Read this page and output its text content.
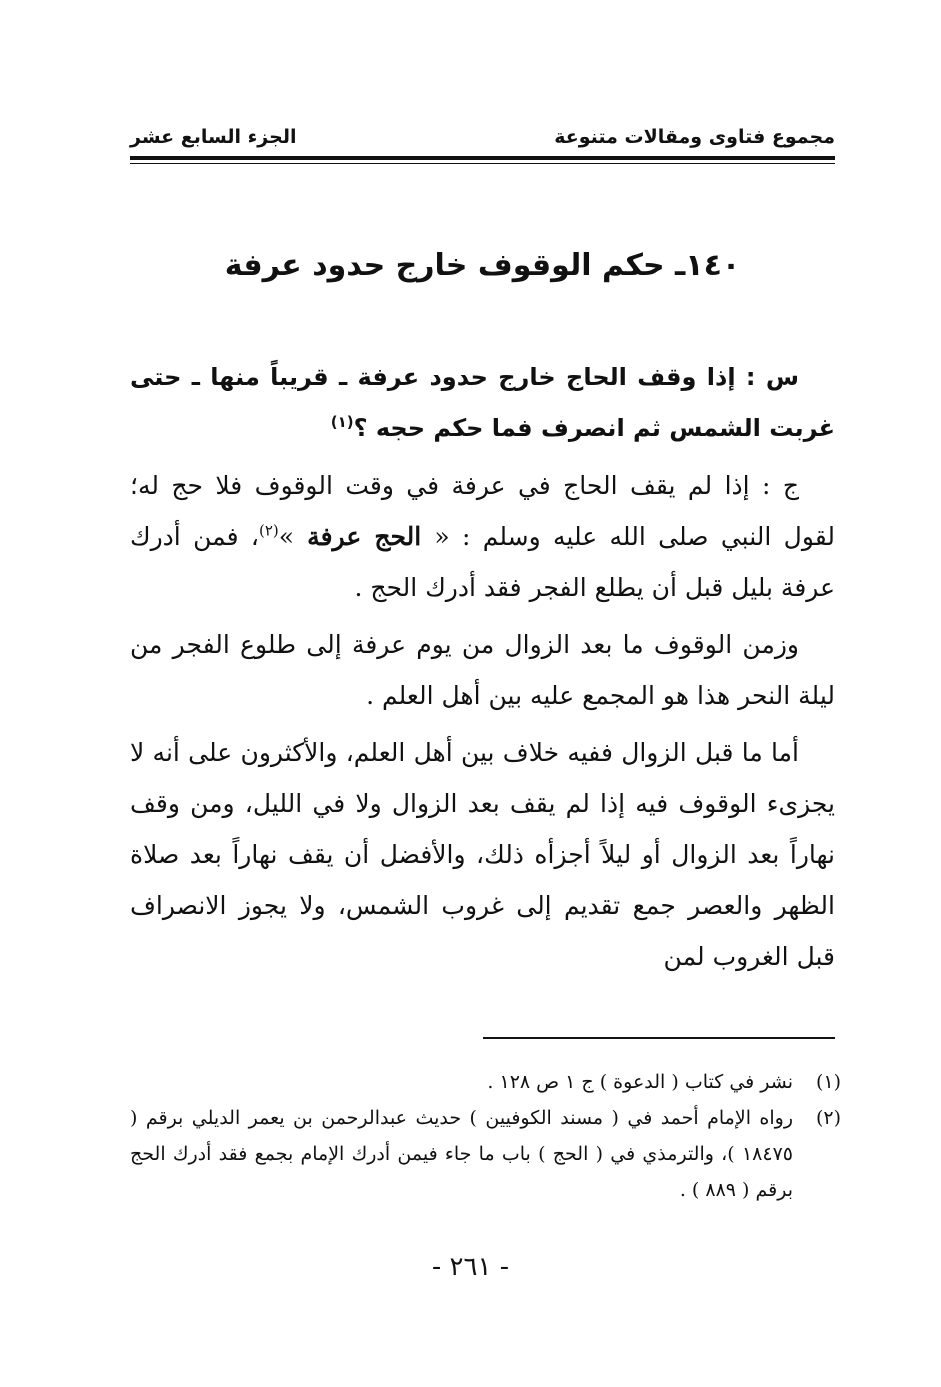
مجموع فتاوى ومقالات متنوعة
الجزء السابع عشر
١٤٠ـ حكم الوقوف خارج حدود عرفة

س : إذا وقف الحاج خارج حدود عرفة ـ قريباً منها ـ حتى غربت الشمس ثم انصرف فما حكم حجه ؟$^{(١)}$

ج : إذا لم يقف الحاج في عرفة في وقت الوقوف فلا حج له؛ لقول النبي صلى الله عليه وسلم : « الحج عرفة »$^{(٢)}$، فمن أدرك عرفة بليل قبل أن يطلع الفجر فقد أدرك الحج .

وزمن الوقوف ما بعد الزوال من يوم عرفة إلى طلوع الفجر من ليلة النحر هذا هو المجمع عليه بين أهل العلم .

أما ما قبل الزوال ففيه خلاف بين أهل العلم، والأكثرون على أنه لا يجزىء الوقوف فيه إذا لم يقف بعد الزوال ولا في الليل، ومن وقف نهاراً بعد الزوال أو ليلاً أجزأه ذلك، والأفضل أن يقف نهاراً بعد صلاة الظهر والعصر جمع تقديم إلى غروب الشمس، ولا يجوز الانصراف قبل الغروب لمن

(١)
نشر في كتاب ( الدعوة ) ج ١ ص ١٢٨ .
(٢)
رواه الإمام أحمد في ( مسند الكوفيين ) حديث عبدالرحمن بن يعمر الديلي برقم ( ١٨٤٧٥ )، والترمذي في ( الحج ) باب ما جاء فيمن أدرك الإمام بجمع فقد أدرك الحج برقم ( ٨٨٩ ) .
- ٢٦١ -
